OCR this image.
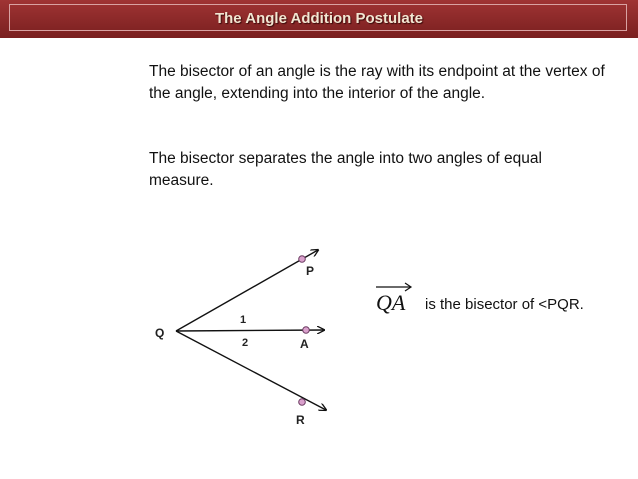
The Angle Addition Postulate

The bisector of an angle is the ray with its endpoint at the vertex of the angle, extending into the interior of the angle.

The bisector separates the angle into two angles of equal measure.

Q
P
A
R
1
2
QA is the bisector of <PQR.
